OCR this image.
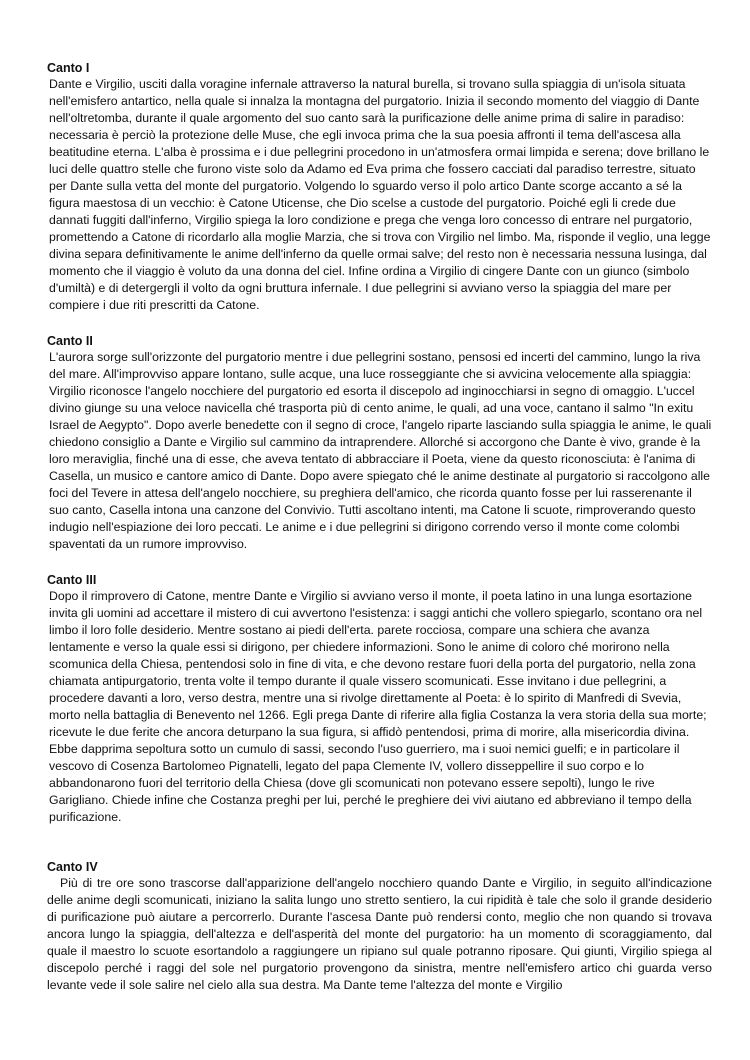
Canto I

Dante e Virgilio, usciti dalla voragine infernale attraverso la natural burella, si trovano sulla spiaggia di un'isola situata nell'emisfero antartico, nella quale si innalza la montagna del purgatorio. Inizia il secondo momento del viaggio di Dante nell'oltretomba, durante il quale argomento del suo canto sarà la purificazione delle anime prima di salire in paradiso: necessaria è perciò la protezione delle Muse, che egli invoca prima che la sua poesia affronti il tema dell'ascesa alla beatitudine eterna. L'alba è prossima e i due pellegrini procedono in un'atmosfera ormai limpida e serena; dove brillano le luci delle quattro stelle che furono viste solo da Adamo ed Eva prima che fossero cacciati dal paradiso terrestre, situato per Dante sulla vetta del monte del purgatorio. Volgendo lo sguardo verso il polo artico Dante scorge accanto a sé la figura maestosa di un vecchio: è Catone Uticense, che Dio scelse a custode del purgatorio. Poiché egli li crede due dannati fuggiti dall'inferno, Virgilio spiega la loro condizione e prega che venga loro concesso di entrare nel purgatorio, promettendo a Catone di ricordarlo alla moglie Marzia, che si trova con Virgilio nel limbo. Ma, risponde il veglio, una legge divina separa definitivamente le anime dell'inferno da quelle ormai salve; del resto non è necessaria nessuna lusinga, dal momento che il viaggio è voluto da una donna del ciel. Infine ordina a Virgilio di cingere Dante con un giunco (simbolo d'umiltà) e di detergergli il volto da ogni bruttura infernale. I due pellegrini si avviano verso la spiaggia del mare per compiere i due riti prescritti da Catone.

Canto II

L'aurora sorge sull'orizzonte del purgatorio mentre i due pellegrini sostano, pensosi ed incerti del cammino, lungo la riva del mare. All'improvviso appare lontano, sulle acque, una luce rosseggiante che si avvicina velocemente alla spiaggia: Virgilio riconosce l'angelo nocchiere del purgatorio ed esorta il discepolo ad inginocchiarsi in segno di omaggio. L'uccel divino giunge su una veloce navicella ché trasporta più di cento anime, le quali, ad una voce, cantano il salmo "In exitu Israel de Aegypto". Dopo averle benedette con il segno di croce, l'angelo riparte lasciando sulla spiaggia le anime, le quali chiedono consiglio a Dante e Virgilio sul cammino da intraprendere. Allorché si accorgono che Dante è vivo, grande è la loro meraviglia, finché una di esse, che aveva tentato di abbracciare il Poeta, viene da questo riconosciuta: è l'anima di Casella, un musico e cantore amico di Dante. Dopo avere spiegato ché le anime destinate al purgatorio si raccolgono alle foci del Tevere in attesa dell'angelo nocchiere, su preghiera dell'amico, che ricorda quanto fosse per lui rasserenante il suo canto, Casella intona una canzone del Convivio. Tutti ascoltano intenti, ma Catone li scuote, rimproverando questo indugio nell'espiazione dei loro peccati. Le anime e i due pellegrini si dirigono correndo verso il monte come colombi spaventati da un rumore improvviso.

Canto III

Dopo il rimprovero di Catone, mentre Dante e Virgilio si avviano verso il monte, il poeta latino in una lunga esortazione invita gli uomini ad accettare il mistero di cui avvertono l'esistenza: i saggi antichi che vollero spiegarlo, scontano ora nel limbo il loro folle desiderio. Mentre sostano ai piedi dell'erta. parete rocciosa, compare una schiera che avanza lentamente e verso la quale essi si dirigono, per chiedere informazioni. Sono le anime di coloro ché morirono nella scomunica della Chiesa, pentendosi solo in fine di vita, e che devono restare fuori della porta del purgatorio, nella zona chiamata antipurgatorio, trenta volte il tempo durante il quale vissero scomunicati. Esse invitano i due pellegrini, a procedere davanti a loro, verso destra, mentre una si rivolge direttamente al Poeta: è lo spirito di Manfredi di Svevia, morto nella battaglia di Benevento nel 1266. Egli prega Dante di riferire alla figlia Costanza la vera storia della sua morte; ricevute le due ferite che ancora deturpano la sua figura, si affidò pentendosi, prima di morire, alla misericordia divina. Ebbe dapprima sepoltura sotto un cumulo di sassi, secondo l'uso guerriero, ma i suoi nemici guelfi; e in particolare il vescovo di Cosenza Bartolomeo Pignatelli, legato del papa Clemente IV, vollero disseppellire il suo corpo e lo abbandonarono fuori del territorio della Chiesa (dove gli scomunicati non potevano essere sepolti), lungo le rive Garigliano. Chiede infine che Costanza preghi per lui, perché le preghiere dei vivi aiutano ed abbreviano il tempo della purificazione.

Canto IV

Più di tre ore sono trascorse dall'apparizione dell'angelo nocchiero quando Dante e Virgilio, in seguito all'indicazione delle anime degli scomunicati, iniziano la salita lungo uno stretto sentiero, la cui ripidità è tale che solo il grande desiderio di purificazione può aiutare a percorrerlo. Durante l'ascesa Dante può rendersi conto, meglio che non quando si trovava ancora lungo la spiaggia, dell'altezza e dell'asperità del monte del purgatorio: ha un momento di scoraggiamento, dal quale il maestro lo scuote esortandolo a raggiungere un ripiano sul quale potranno riposare. Qui giunti, Virgilio spiega al discepolo perché i raggi del sole nel purgatorio provengono da sinistra, mentre nell'emisfero artico chi guarda verso levante vede il sole salire nel cielo alla sua destra. Ma Dante teme l'altezza del monte e Virgilio
